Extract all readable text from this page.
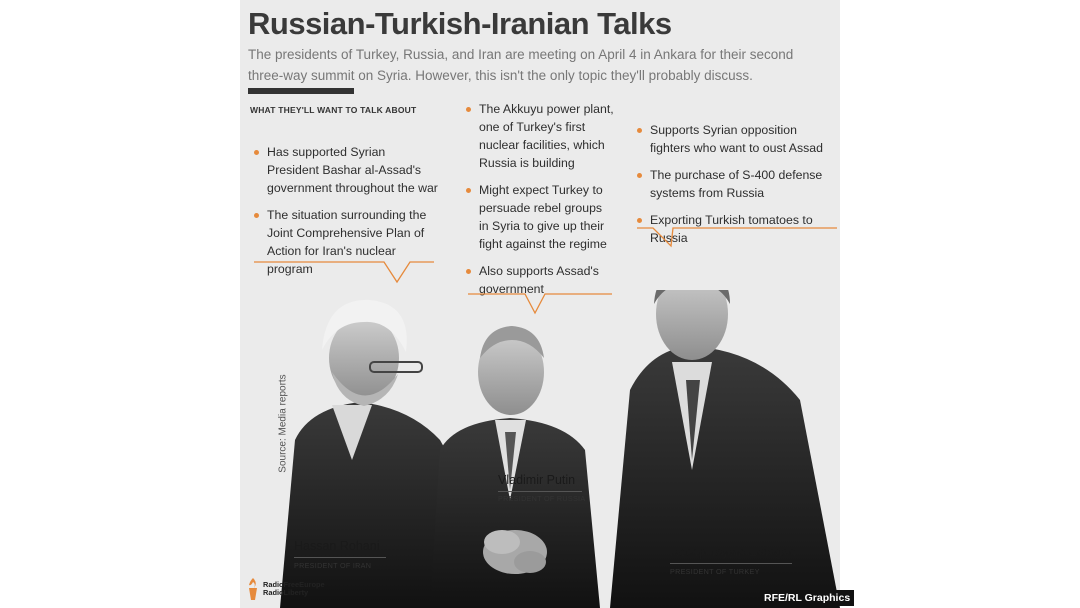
Russian-Turkish-Iranian Talks

The presidents of Turkey, Russia, and Iran are meeting on April 4 in Ankara for their second three-way summit on Syria. However, this isn't the only topic they'll probably discuss.

WHAT THEY'LL WANT TO TALK ABOUT
Has supported Syrian President Bashar al-Assad's government throughout the war
The situation surrounding the Joint Comprehensive Plan of Action for Iran's nuclear program
The Akkuyu power plant, one of Turkey's first nuclear facilities, which Russia is building
Might expect Turkey to persuade rebel groups in Syria to give up their fight against the regime
Also supports Assad's government
Supports Syrian opposition fighters who want to oust Assad
The purchase of S-400 defense systems from Russia
Exporting Turkish tomatoes to Russia
Hassan Rohani
PRESIDENT OF IRAN
Vladimir Putin
PRESIDENT OF RUSSIA
Recep Tayyip Erdogan
PRESIDENT OF TURKEY
Source: Media reports
RadioFreeEurope
RadioLiberty	RFE/RL Graphics
